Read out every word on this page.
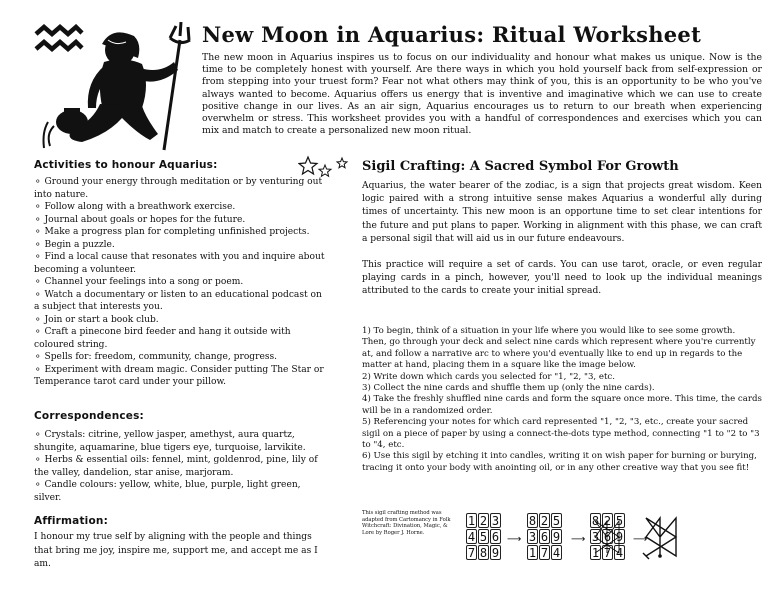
New Moon in Aquarius: Ritual Worksheet
The new moon in Aquarius inspires us to focus on our individuality and honour what makes us unique. Now is the time to be completely honest with yourself. Are there ways in which you hold yourself back from self-expression or from stepping into your truest form? Fear not what others may think of you, this is an opportunity to be who you've always wanted to become. Aquarius offers us energy that is inventive and imaginative which we can use to create positive change in our lives. As an air sign, Aquarius encourages us to return to our breath when experiencing overwhelm or stress. This worksheet provides you with a handful of correspondences and exercises which you can mix and match to create a personalized new moon ritual.
Activities to honour Aquarius:
⚬ Ground your energy through meditation or by venturing out into nature.
⚬ Follow along with a breathwork exercise.
⚬ Journal about goals or hopes for the future.
⚬ Make a progress plan for completing unfinished projects.
⚬ Begin a puzzle.
⚬ Find a local cause that resonates with you and inquire about becoming a volunteer.
⚬ Channel your feelings into a song or poem.
⚬ Watch a documentary or listen to an educational podcast on a subject that interests you.
⚬ Join or start a book club.
⚬ Craft a pinecone bird feeder and hang it outside with coloured string.
⚬ Spells for: freedom, community, change, progress.
⚬ Experiment with dream magic. Consider putting The Star or Temperance tarot card under your pillow.
Correspondences:
⚬ Crystals: citrine, yellow jasper, amethyst, aura quartz, shungite, aquamarine, blue tigers eye, turquoise, larvikite.
⚬ Herbs & essential oils: fennel, mint, goldenrod, pine, lily of the valley, dandelion, star anise, marjoram.
⚬ Candle colours: yellow, white, blue, purple, light green, silver.
Affirmation:
I honour my true self by aligning with the people and things that bring me joy, inspire me, support me, and accept me as I am.
Sigil Crafting: A Sacred Symbol For Growth

Aquarius, the water bearer of the zodiac, is a sign that projects great wisdom. Keen logic paired with a strong intuitive sense makes Aquarius a wonderful ally during times of uncertainty. This new moon is an opportune time to set clear intentions for the future and put plans to paper. Working in alignment with this phase, we can craft a personal sigil that will aid us in our future endeavours.

This practice will require a set of cards. You can use tarot, oracle, or even regular playing cards in a pinch, however, you'll need to look up the individual meanings attributed to the cards to create your initial spread.

1) To begin, think of a situation in your life where you would like to see some growth. Then, go through your deck and select nine cards which represent where you're currently at, and follow a narrative arc to where you'd eventually like to end up in regards to the matter at hand, placing them in a square like the image below.
2) Write down which cards you selected for "1, "2, "3, etc.
3) Collect the nine cards and shuffle them up (only the nine cards).
4) Take the freshly shuffled nine cards and form the square once more. This time, the cards will be in a randomized order.
5) Referencing your notes for which card represented "1, "2, "3, etc., create your sacred sigil on a piece of paper by using a connect-the-dots type method, connecting "1 to "2 to "3 to "4, etc.
6) Use this sigil by etching it into candles, writing it on wish paper for burning or burying, tracing it onto your body with anointing oil, or in any other creative way that you see fit!
This sigil crafting method was adapted from Cartomancy in Folk Witchcraft: Divination, Magic, & Lore by Roger J. Horne.
1 2 3
4 5 6
7 8 9
⟶
8 2 5
3 6 9
1 7 4
⟶
8 2 5
3 6 9
1 7 4
⟶
